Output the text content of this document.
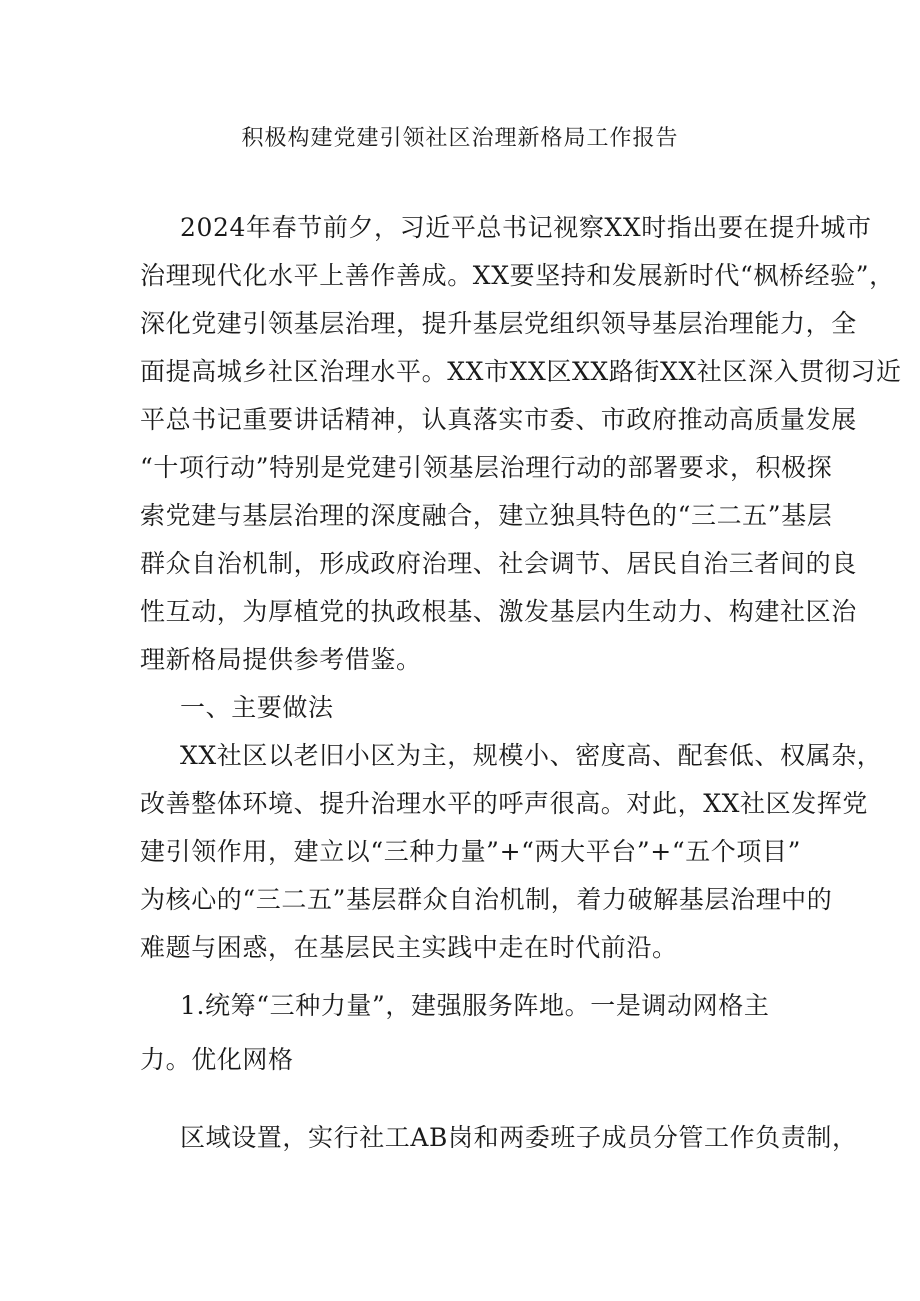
积极构建党建引领社区治理新格局工作报告
2024年春节前夕，习近平总书记视察XX时指出要在提升城市
治理现代化水平上善作善成。XX要坚持和发展新时代“枫桥经验”，
深化党建引领基层治理，提升基层党组织领导基层治理能力，全
面提高城乡社区治理水平。XX市XX区XX路街XX社区深入贯彻习近
平总书记重要讲话精神，认真落实市委、市政府推动高质量发展
“十项行动”特别是党建引领基层治理行动的部署要求，积极探
索党建与基层治理的深度融合，建立独具特色的“三二五”基层
群众自治机制，形成政府治理、社会调节、居民自治三者间的良
性互动，为厚植党的执政根基、激发基层内生动力、构建社区治
理新格局提供参考借鉴。
一、主要做法
XX社区以老旧小区为主，规模小、密度高、配套低、权属杂，
改善整体环境、提升治理水平的呼声很高。对此，XX社区发挥党
建引领作用，建立以“三种力量”+“两大平台”+“五个项目”
为核心的“三二五”基层群众自治机制，着力破解基层治理中的
难题与困惑，在基层民主实践中走在时代前沿。
1.统筹“三种力量”，建强服务阵地。一是调动网格主
力。优化网格
区域设置，实行社工AB岗和两委班子成员分管工作负责制，
